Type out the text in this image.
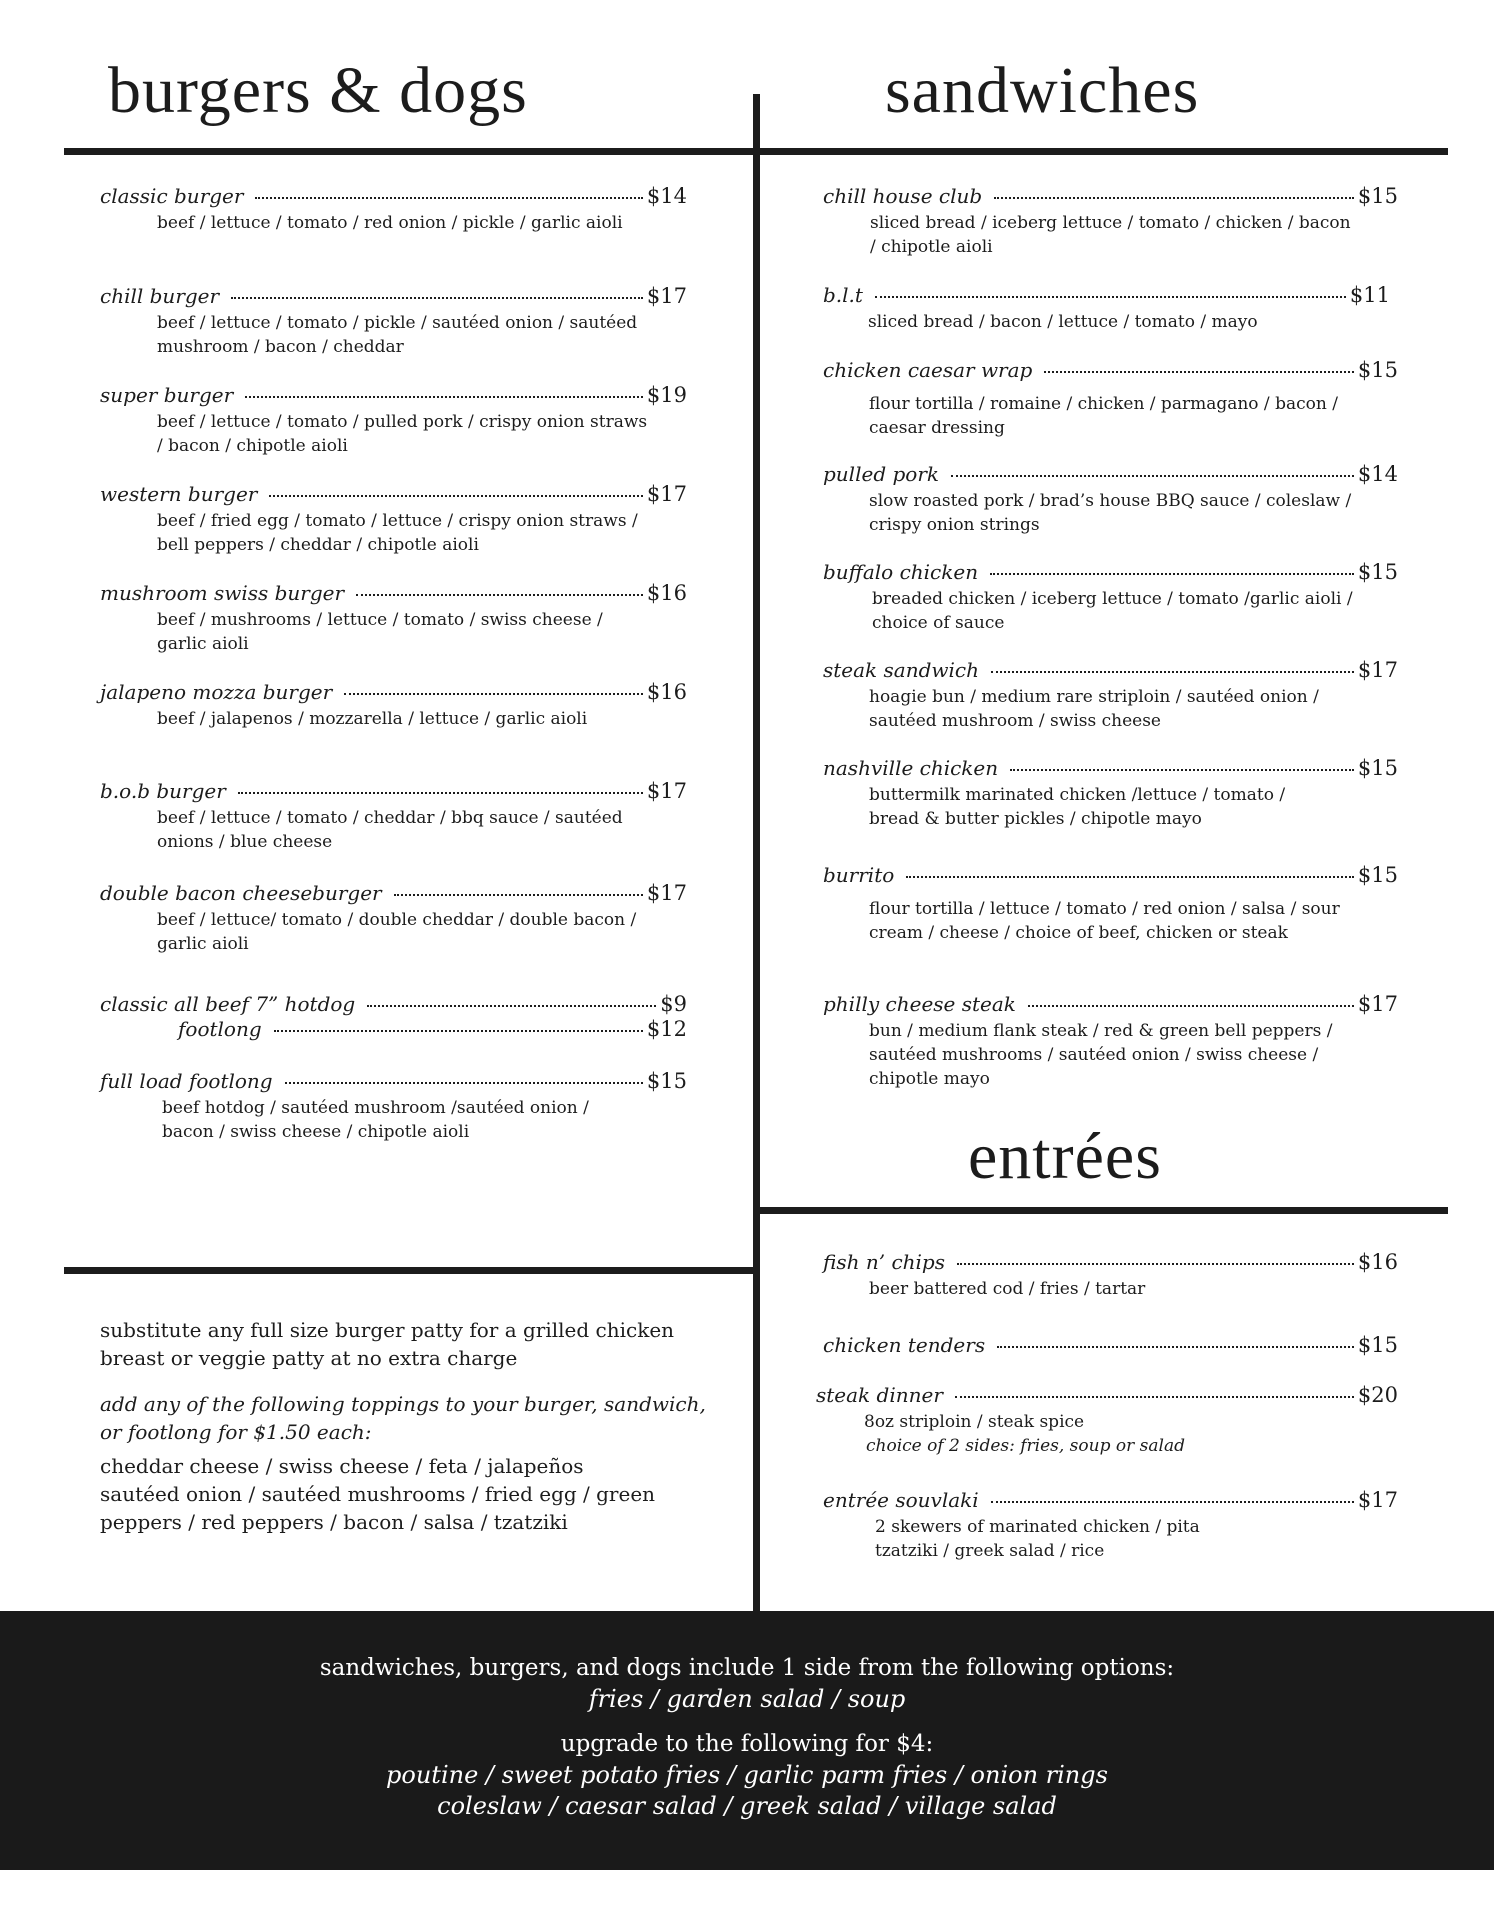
burgers & dogs	sandwiches
entrées
classic burger	$14
beef / lettuce / tomato / red onion / pickle / garlic aioli
chill burger	$17
beef / lettuce / tomato / pickle / sautéed onion / sautéed mushroom / bacon / cheddar
super burger	$19
beef / lettuce / tomato / pulled pork / crispy onion straws / bacon / chipotle aioli
western burger	$17
beef / fried egg / tomato / lettuce / crispy onion straws / bell peppers / cheddar / chipotle aioli
mushroom swiss burger	$16
beef / mushrooms / lettuce / tomato / swiss cheese / garlic aioli
jalapeno mozza burger	$16
beef / jalapenos / mozzarella / lettuce / garlic aioli
b.o.b burger	$17
beef / lettuce / tomato / cheddar / bbq sauce / sautéed onions / blue cheese
double bacon cheeseburger	$17
beef / lettuce/ tomato / double cheddar / double bacon / garlic aioli
classic all beef 7” hotdog	$9
footlong	$12
full load footlong	$15
beef hotdog / sautéed mushroom /sautéed onion / bacon / swiss cheese / chipotle aioli
chill house club	$15
sliced bread / iceberg lettuce / tomato / chicken / bacon / chipotle aioli
b.l.t	$11
sliced bread / bacon / lettuce / tomato / mayo
chicken caesar wrap	$15
flour tortilla / romaine / chicken / parmagano / bacon / caesar dressing
pulled pork	$14
slow roasted pork / brad’s house BBQ sauce / coleslaw / crispy onion strings
buffalo chicken	$15
breaded chicken / iceberg lettuce / tomato /garlic aioli / choice of sauce
steak sandwich	$17
hoagie bun / medium rare striploin / sautéed onion / sautéed mushroom / swiss cheese
nashville chicken	$15
buttermilk marinated chicken /lettuce / tomato / bread & butter pickles / chipotle mayo
burrito	$15
flour tortilla / lettuce / tomato / red onion / salsa / sour cream / cheese / choice of beef, chicken or steak
philly cheese steak	$17
bun / medium flank steak / red & green bell peppers / sautéed mushrooms / sautéed onion / swiss cheese / chipotle mayo
fish n’ chips	$16
beer battered cod / fries / tartar
chicken tenders	$15
steak dinner	$20
8oz striploin / steak spice
choice of 2 sides: fries, soup or salad
entrée souvlaki	$17
2 skewers of marinated chicken / pita tzatziki / greek salad / rice
substitute any full size burger patty for a grilled chicken breast or veggie patty at no extra charge
add any of the following toppings to your burger, sandwich, or footlong for $1.50 each:
cheddar cheese / swiss cheese / feta / jalapeños sautéed onion / sautéed mushrooms / fried egg / green peppers / red peppers / bacon / salsa / tzatziki

sandwiches, burgers, and dogs include 1 side from the following options:

fries / garden salad / soup

upgrade to the following for $4:

poutine / sweet potato fries / garlic parm fries / onion rings

coleslaw / caesar salad / greek salad / village salad
